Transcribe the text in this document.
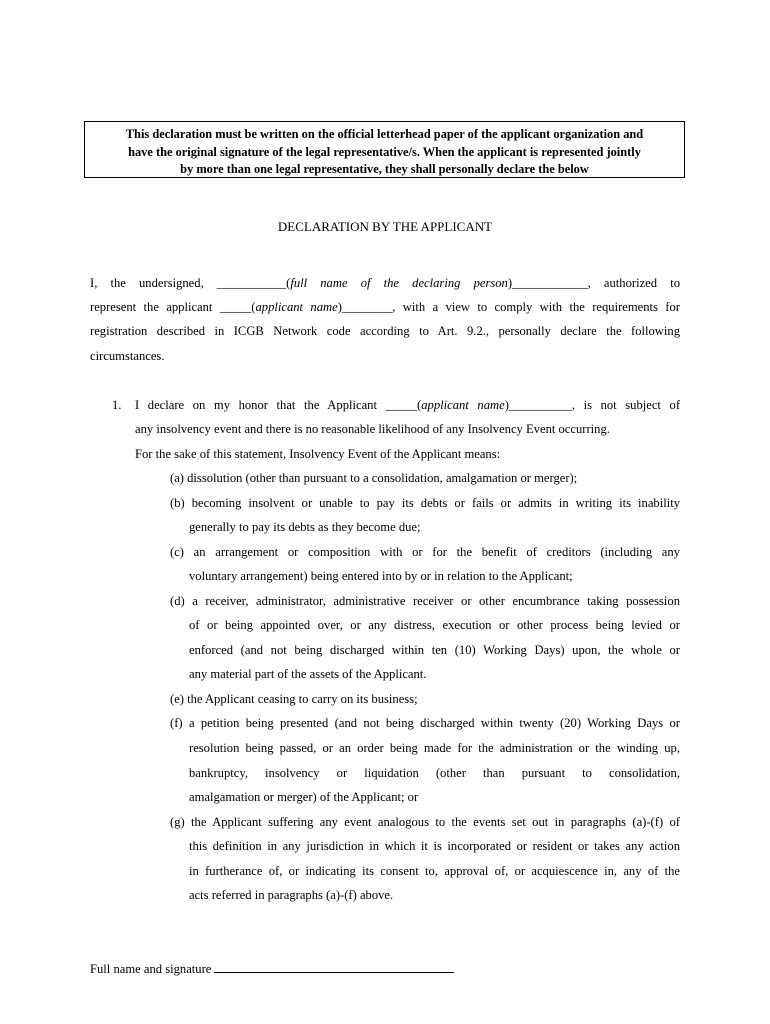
This declaration must be written on the official letterhead paper of the applicant organization and
have the original signature of the legal representative/s. When the applicant is represented jointly
by more than one legal representative, they shall personally declare the below
DECLARATION BY THE APPLICANT
I, the undersigned, ___________(full name of the declaring person)____________, authorized to
represent the applicant _____(applicant name)________, with a view to comply with the requirements for
registration described in ICGB Network code according to Art. 9.2., personally declare the following
circumstances.
1. I declare on my honor that the Applicant _____(applicant name)__________, is not subject of
any insolvency event and there is no reasonable likelihood of any Insolvency Event occurring.
For the sake of this statement, Insolvency Event of the Applicant means:
(a) dissolution (other than pursuant to a consolidation, amalgamation or merger);
(b) becoming insolvent or unable to pay its debts or fails or admits in writing its inability
generally to pay its debts as they become due;
(c) an arrangement or composition with or for the benefit of creditors (including any
voluntary arrangement) being entered into by or in relation to the Applicant;
(d) a receiver, administrator, administrative receiver or other encumbrance taking possession
of or being appointed over, or any distress, execution or other process being levied or
enforced (and not being discharged within ten (10) Working Days) upon, the whole or
any material part of the assets of the Applicant.
(e) the Applicant ceasing to carry on its business;
(f) a petition being presented (and not being discharged within twenty (20) Working Days or
resolution being passed, or an order being made for the administration or the winding up,
bankruptcy, insolvency or liquidation (other than pursuant to consolidation,
amalgamation or merger) of the Applicant; or
(g) the Applicant suffering any event analogous to the events set out in paragraphs (a)-(f) of
this definition in any jurisdiction in which it is incorporated or resident or takes any action
in furtherance of, or indicating its consent to, approval of, or acquiescence in, any of the
acts referred in paragraphs (a)-(f) above.
Full name and signature
